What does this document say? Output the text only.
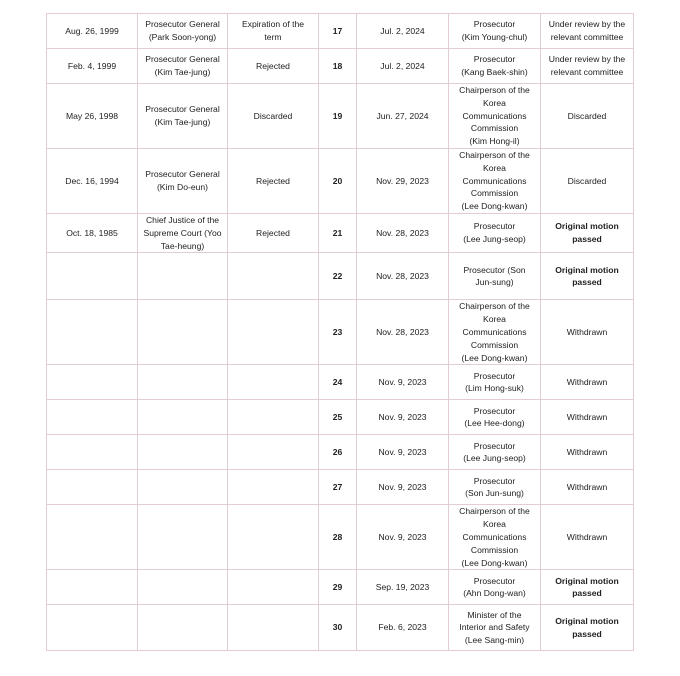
Aug. 26, 1999	Prosecutor General
(Park Soon-yong)	Expiration of the
term	17	Jul. 2, 2024	Prosecutor
(Kim Young-chul)	Under review by the
relevant committee
Feb. 4, 1999	Prosecutor General
(Kim Tae-jung)	Rejected	18	Jul. 2, 2024	Prosecutor
(Kang Baek-shin)	Under review by the
relevant committee
May 26, 1998	Prosecutor General
(Kim Tae-jung)	Discarded	19	Jun. 27, 2024	Chairperson of the
Korea
Communications
Commission
(Kim Hong-il)	Discarded
Dec. 16, 1994	Prosecutor General
(Kim Do-eun)	Rejected	20	Nov. 29, 2023	Chairperson of the
Korea
Communications
Commission
(Lee Dong-kwan)	Discarded
Oct. 18, 1985	Chief Justice of the
Supreme Court (Yoo
Tae-heung)	Rejected	21	Nov. 28, 2023	Prosecutor
(Lee Jung-seop)	Original motion
passed
			22	Nov. 28, 2023	Prosecutor (Son
Jun-sung)	Original motion
passed
			23	Nov. 28, 2023	Chairperson of the
Korea
Communications
Commission
(Lee Dong-kwan)	Withdrawn
			24	Nov. 9, 2023	Prosecutor
(Lim Hong-suk)	Withdrawn
			25	Nov. 9, 2023	Prosecutor
(Lee Hee-dong)	Withdrawn
			26	Nov. 9, 2023	Prosecutor
(Lee Jung-seop)	Withdrawn
			27	Nov. 9, 2023	Prosecutor
(Son Jun-sung)	Withdrawn
			28	Nov. 9, 2023	Chairperson of the
Korea
Communications
Commission
(Lee Dong-kwan)	Withdrawn
			29	Sep. 19, 2023	Prosecutor
(Ahn Dong-wan)	Original motion
passed
			30	Feb. 6, 2023	Minister of the
Interior and Safety
(Lee Sang-min)	Original motion
passed
